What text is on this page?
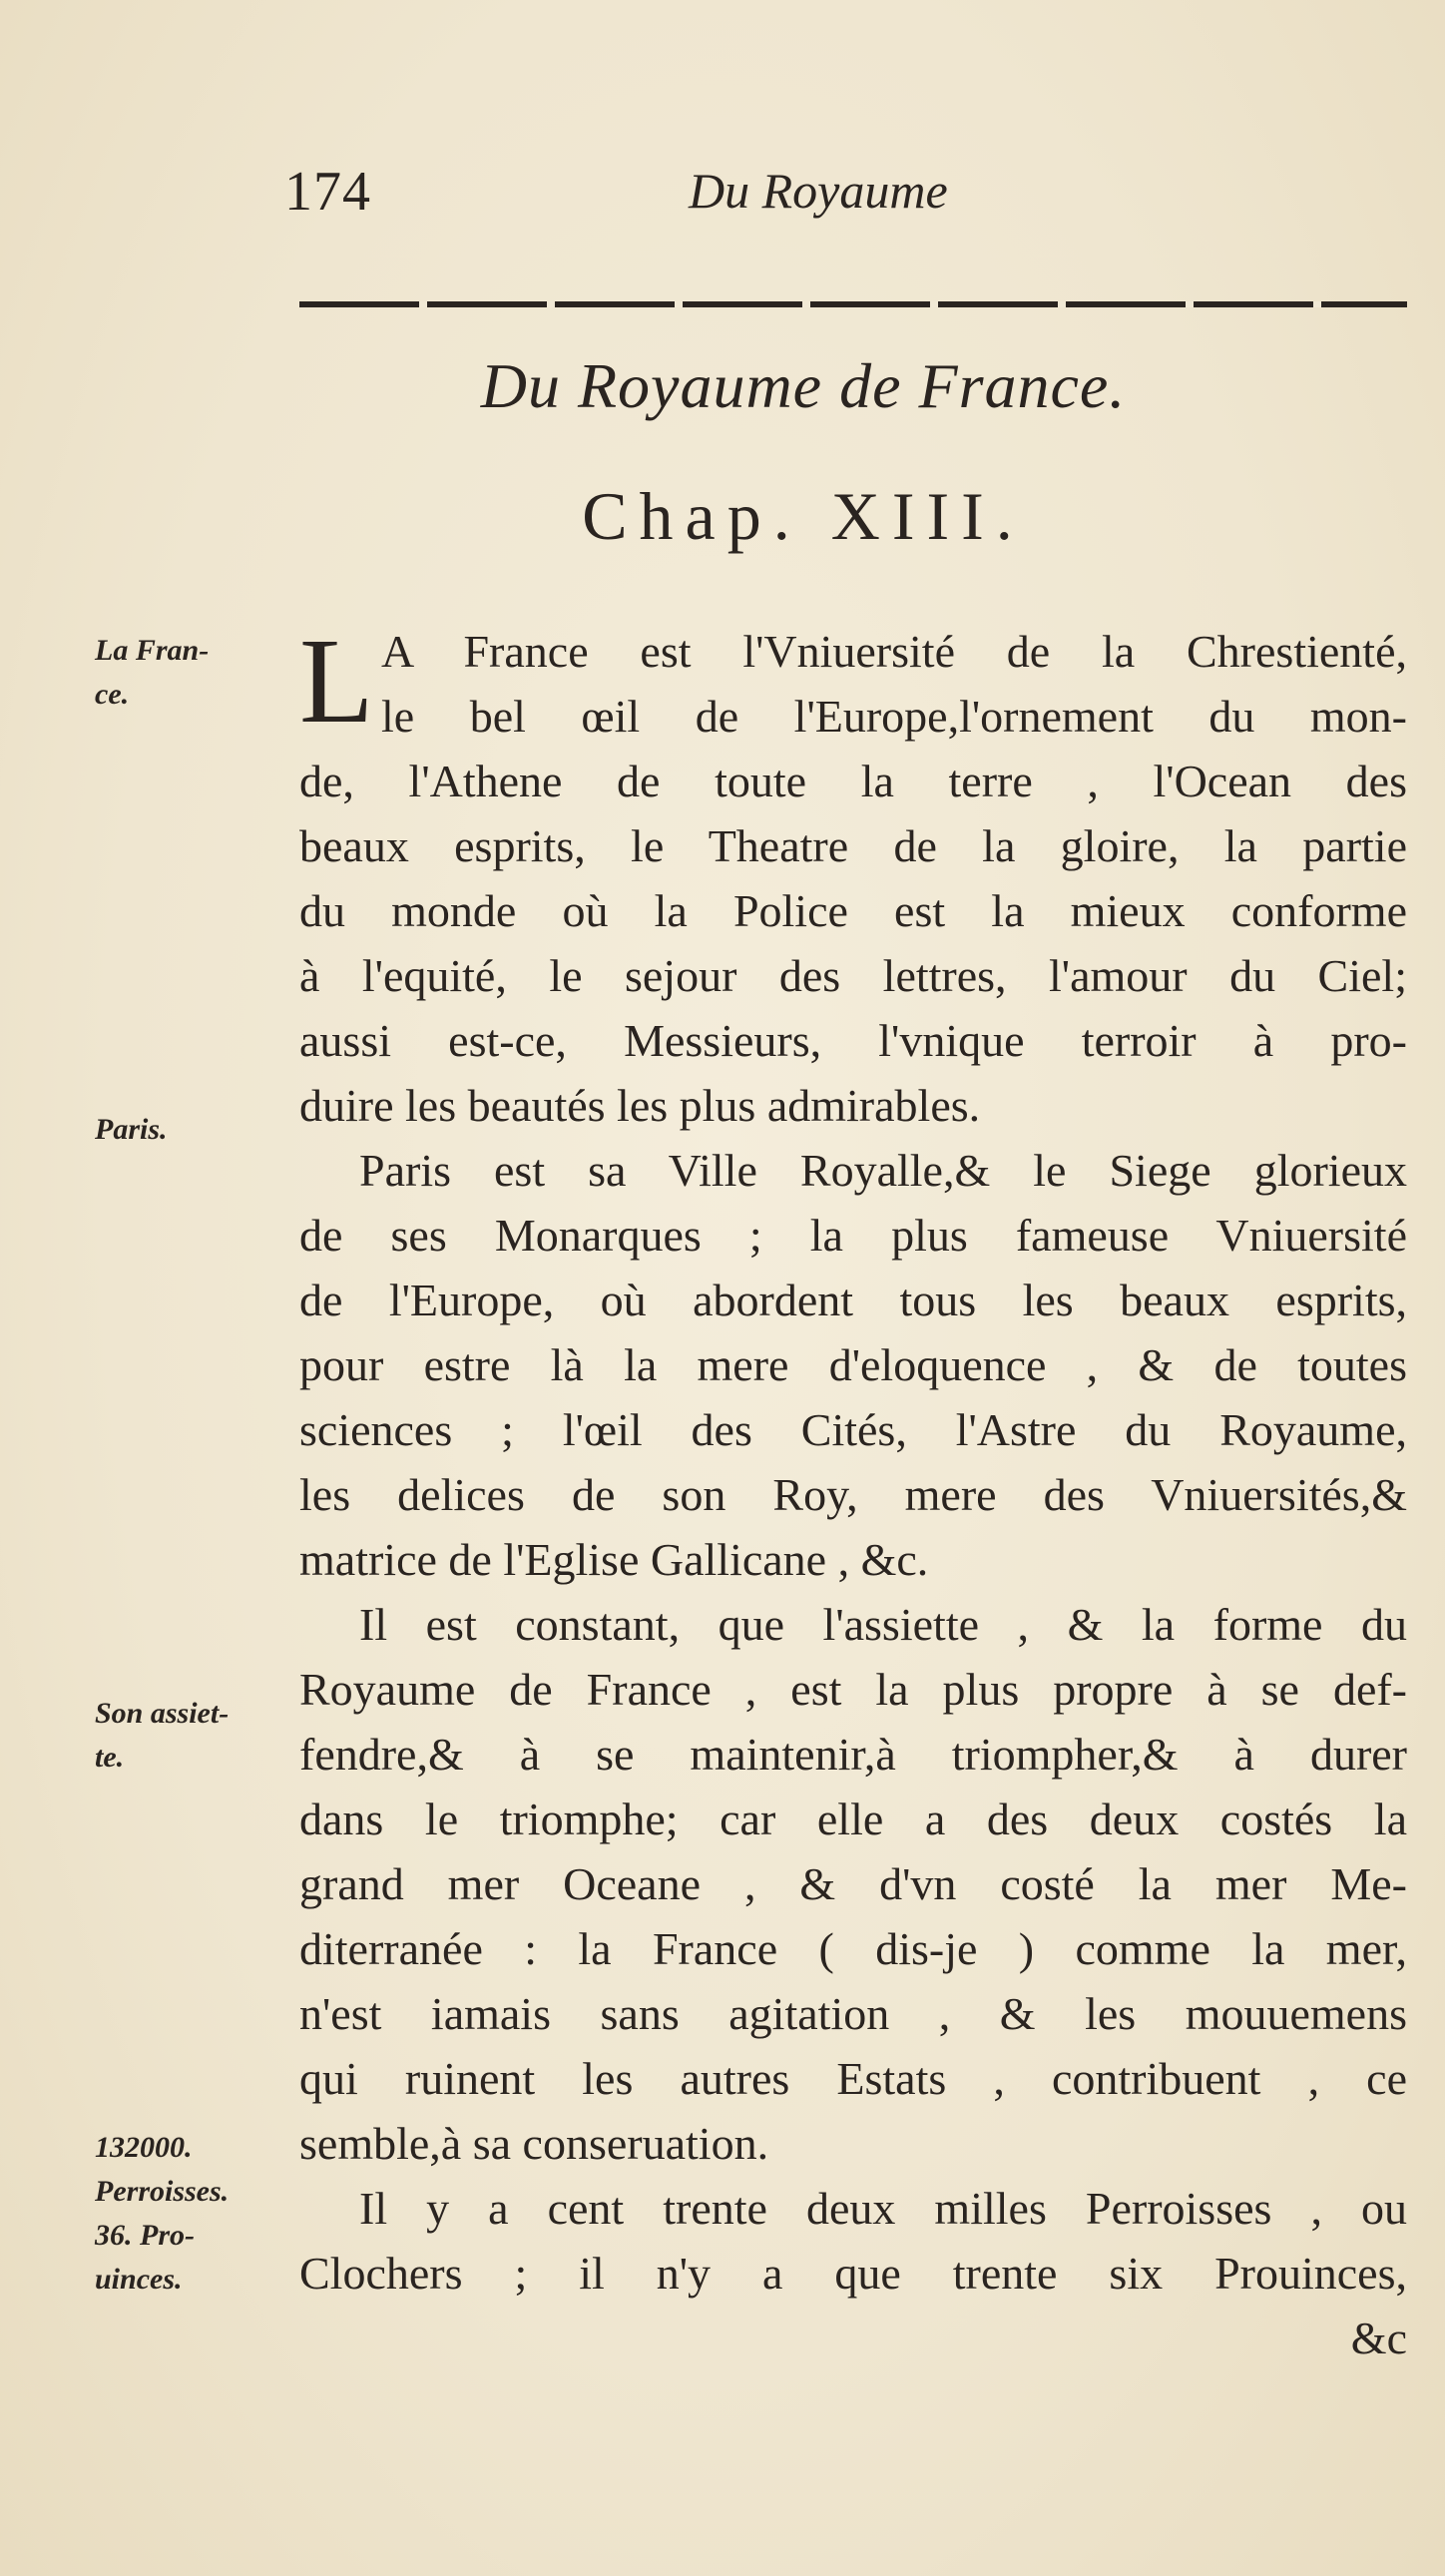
174	Du Royaume
Du Royaume de France.
Chap. XIII.
La Fran-
ce.
Paris.
Son assiet-
te.
132000.
Perroisses.
36. Pro-
uinces.
L A France est l'Vniuersité de la Chrestienté,
le bel œil de l'Europe,l'ornement du mon-
de, l'Athene de toute la terre , l'Ocean des
beaux esprits, le Theatre de la gloire, la partie
du monde où la Police est la mieux conforme
à l'equité, le sejour des lettres, l'amour du Ciel;
aussi est-ce, Messieurs, l'vnique terroir à pro-
duire les beautés les plus admirables.
Paris est sa Ville Royalle,& le Siege glorieux
de ses Monarques ; la plus fameuse Vniuersité
de l'Europe, où abordent tous les beaux esprits,
pour estre là la mere d'eloquence , & de toutes
sciences ; l'œil des Cités, l'Astre du Royaume,
les delices de son Roy, mere des Vniuersités,&
matrice de l'Eglise Gallicane , &c.
Il est constant, que l'assiette , & la forme du
Royaume de France , est la plus propre à se def-
fendre,& à se maintenir,à triompher,& à durer
dans le triomphe; car elle a des deux costés la
grand mer Oceane , & d'vn costé la mer Me-
diterranée : la France ( dis-je ) comme la mer,
n'est iamais sans agitation , & les mouuemens
qui ruinent les autres Estats , contribuent , ce
semble,à sa conseruation.
Il y a cent trente deux milles Perroisses , ou
Clochers ; il n'y a que trente six Prouinces,
&c
